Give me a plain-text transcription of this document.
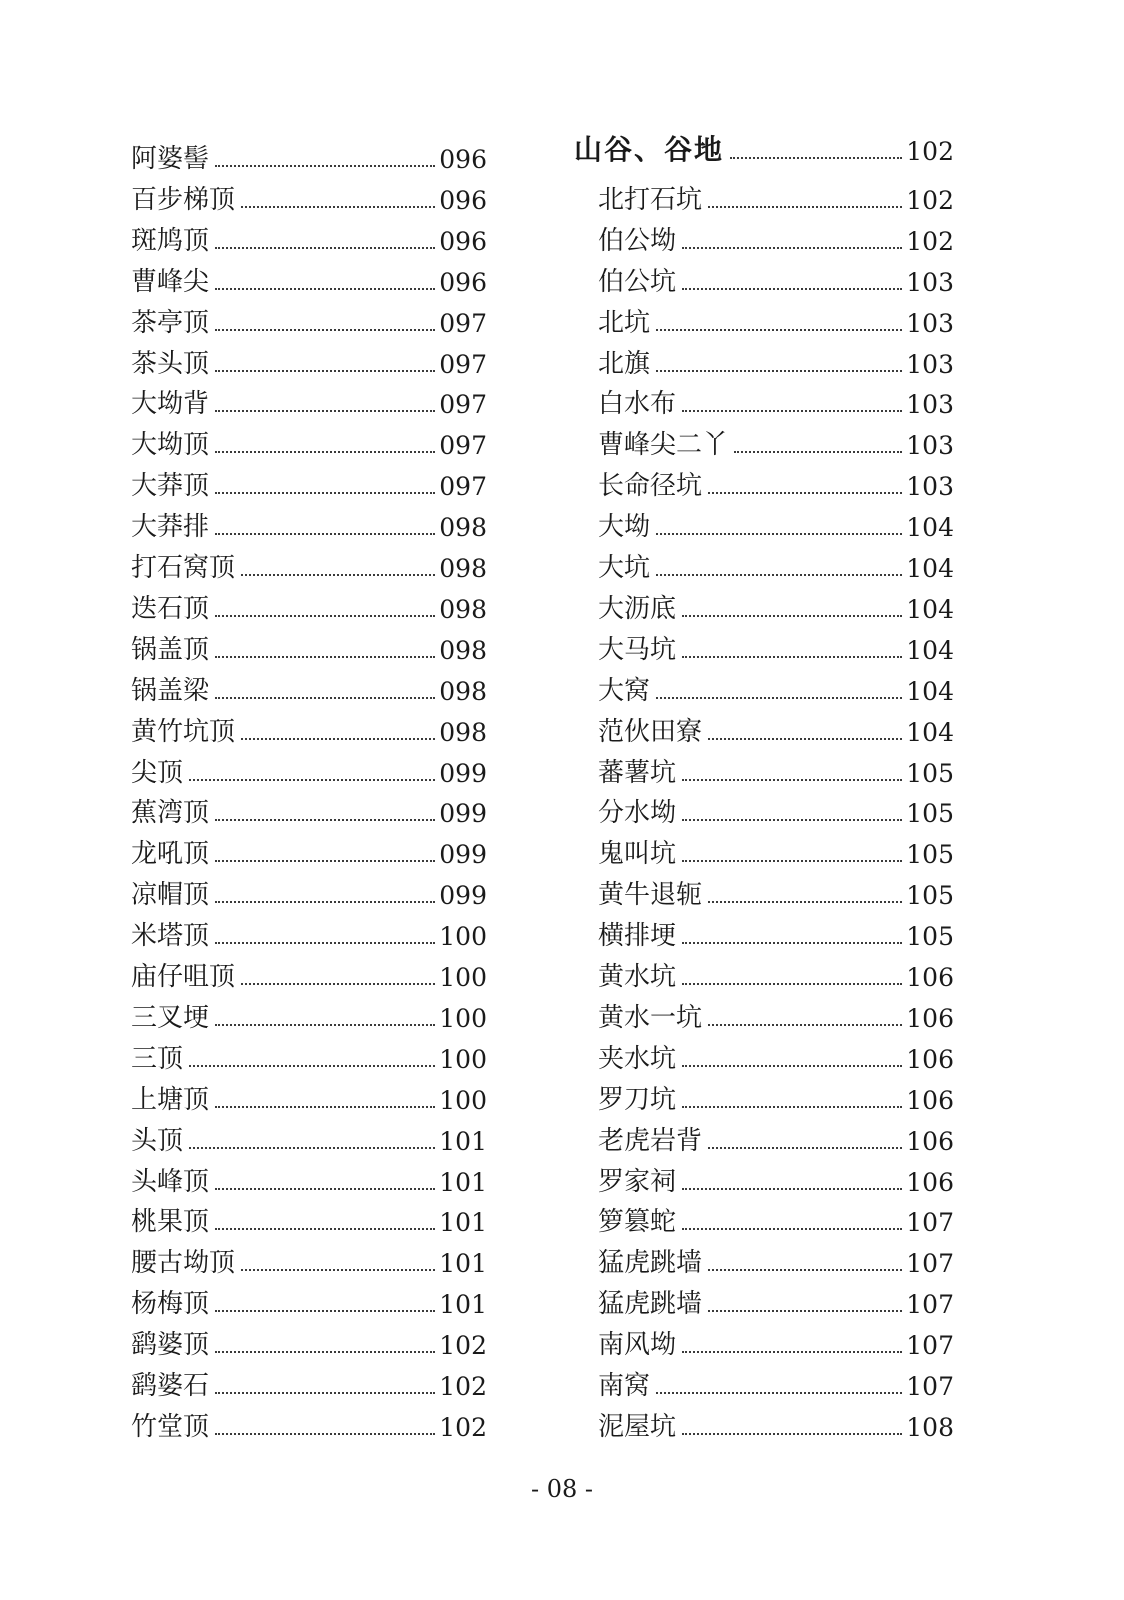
阿婆髻	096
百步梯顶	096
斑鸠顶	096
曹峰尖	096
茶亭顶	097
茶头顶	097
大坳背	097
大坳顶	097
大莽顶	097
大莽排	098
打石窝顶	098
迭石顶	098
锅盖顶	098
锅盖梁	098
黄竹坑顶	098
尖顶	099
蕉湾顶	099
龙吼顶	099
凉帽顶	099
米塔顶	100
庙仔咀顶	100
三叉埂	100
三顶	100
上塘顶	100
头顶	101
头峰顶	101
桃果顶	101
腰古坳顶	101
杨梅顶	101
鹞婆顶	102
鹞婆石	102
竹堂顶	102
山谷、谷地	102
北打石坑	102
伯公坳	102
伯公坑	103
北坑	103
北旗	103
白水布	103
曹峰尖二丫	103
长命径坑	103
大坳	104
大坑	104
大沥底	104
大马坑	104
大窝	104
范伙田寮	104
蕃薯坑	105
分水坳	105
鬼叫坑	105
黄牛退轭	105
横排埂	105
黄水坑	106
黄水一坑	106
夹水坑	106
罗刀坑	106
老虎岩背	106
罗家祠	106
箩篡蛇	107
猛虎跳墙	107
猛虎跳墙	107
南风坳	107
南窝	107
泥屋坑	108
- 08 -
